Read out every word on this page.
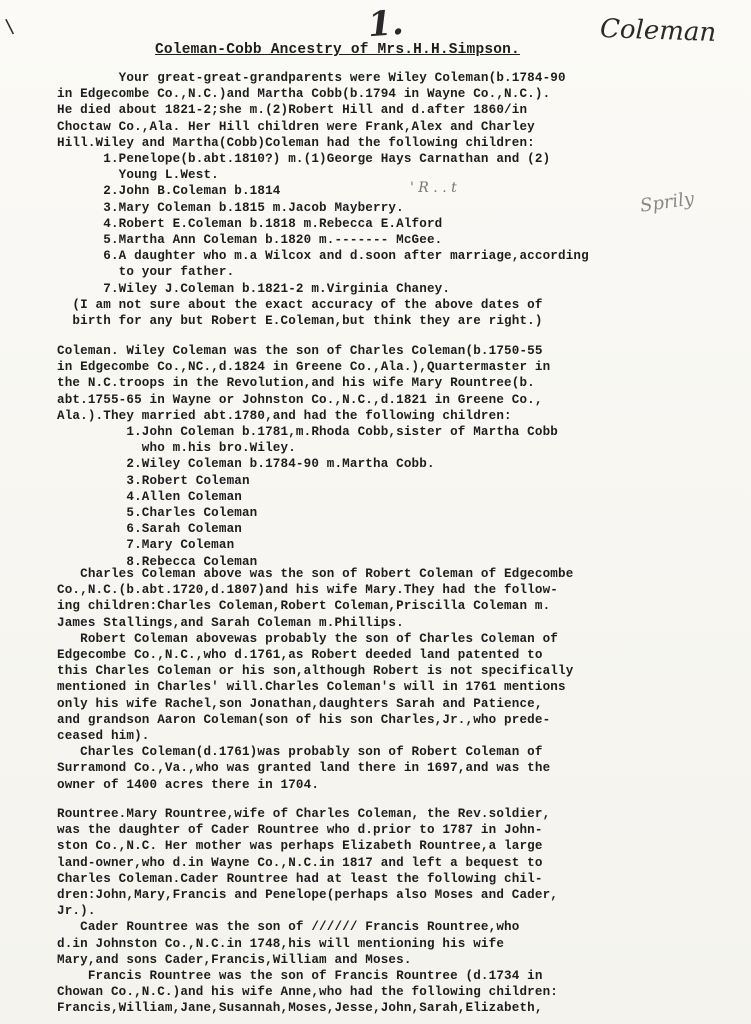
\	1.	Coleman
' R . . t
Sprily
Coleman-Cobb Ancestry of Mrs.H.H.Simpson.
Your great-great-grandparents were Wiley Coleman(b.1784-90
in Edgecombe Co.,N.C.)and Martha Cobb(b.1794 in Wayne Co.,N.C.).
He died about 1821-2;she m.(2)Robert Hill and d.after 1860/in
Choctaw Co.,Ala. Her Hill children were Frank,Alex and Charley
Hill.Wiley and Martha(Cobb)Coleman had the following children:
1.Penelope(b.abt.1810?) m.(1)George Hays Carnathan and (2)
Young L.West.
2.John B.Coleman b.1814
3.Mary Coleman b.1815 m.Jacob Mayberry.
4.Robert E.Coleman b.1818 m.Rebecca E.Alford
5.Martha Ann Coleman b.1820 m.------- McGee.
6.A daughter who m.a Wilcox and d.soon after marriage,according
to your father.
7.Wiley J.Coleman b.1821-2 m.Virginia Chaney.
(I am not sure about the exact accuracy of the above dates of
birth for any but Robert E.Coleman,but think they are right.)
Coleman. Wiley Coleman was the son of Charles Coleman(b.1750-55
in Edgecombe Co.,NC.,d.1824 in Greene Co.,Ala.),Quartermaster in
the N.C.troops in the Revolution,and his wife Mary Rountree(b.
abt.1755-65 in Wayne or Johnston Co.,N.C.,d.1821 in Greene Co.,
Ala.).They married abt.1780,and had the following children:
1.John Coleman b.1781,m.Rhoda Cobb,sister of Martha Cobb
who m.his bro.Wiley.
2.Wiley Coleman b.1784-90 m.Martha Cobb.
3.Robert Coleman
4.Allen Coleman
5.Charles Coleman
6.Sarah Coleman
7.Mary Coleman
8.Rebecca Coleman
Charles Coleman above was the son of Robert Coleman of Edgecombe
Co.,N.C.(b.abt.1720,d.1807)and his wife Mary.They had the follow-
ing children:Charles Coleman,Robert Coleman,Priscilla Coleman m.
James Stallings,and Sarah Coleman m.Phillips.
Robert Coleman abovewas probably the son of Charles Coleman of
Edgecombe Co.,N.C.,who d.1761,as Robert deeded land patented to
this Charles Coleman or his son,although Robert is not specifically
mentioned in Charles' will.Charles Coleman's will in 1761 mentions
only his wife Rachel,son Jonathan,daughters Sarah and Patience,
and grandson Aaron Coleman(son of his son Charles,Jr.,who prede-
ceased him).
Charles Coleman(d.1761)was probably son of Robert Coleman of
Surramond Co.,Va.,who was granted land there in 1697,and was the
owner of 1400 acres there in 1704.
Rountree.Mary Rountree,wife of Charles Coleman, the Rev.soldier,
was the daughter of Cader Rountree who d.prior to 1787 in John-
ston Co.,N.C. Her mother was perhaps Elizabeth Rountree,a large
land-owner,who d.in Wayne Co.,N.C.in 1817 and left a bequest to
Charles Coleman.Cader Rountree had at least the following chil-
dren:John,Mary,Francis and Penelope(perhaps also Moses and Cader,
Jr.).
Cader Rountree was the son of ////// Francis Rountree,who
d.in Johnston Co.,N.C.in 1748,his will mentioning his wife
Mary,and sons Cader,Francis,William and Moses.
Francis Rountree was the son of Francis Rountree (d.1734 in
Chowan Co.,N.C.)and his wife Anne,who had the following children:
Francis,William,Jane,Susannah,Moses,Jesse,John,Sarah,Elizabeth,
